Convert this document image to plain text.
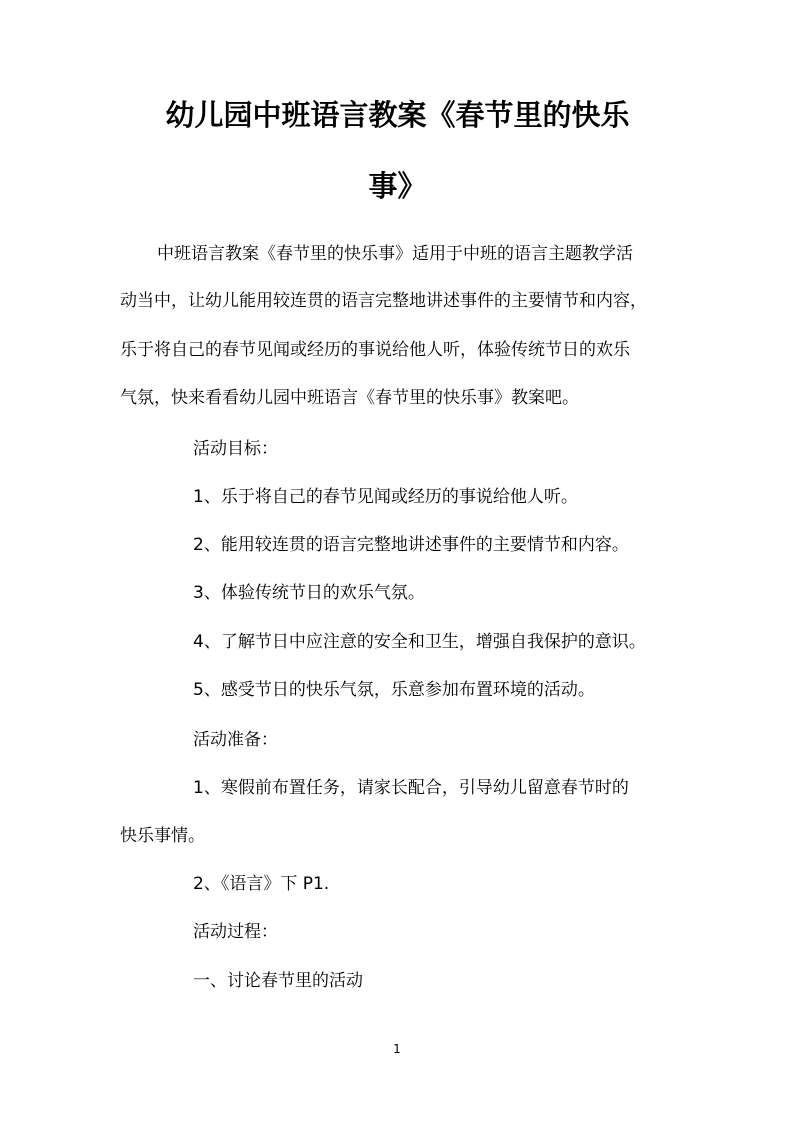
幼儿园中班语言教案《春节里的快乐
事》
中班语言教案《春节里的快乐事》适用于中班的语言主题教学活
动当中，让幼儿能用较连贯的语言完整地讲述事件的主要情节和内容，
乐于将自己的春节见闻或经历的事说给他人听，体验传统节日的欢乐
气氛，快来看看幼儿园中班语言《春节里的快乐事》教案吧。
活动目标：
1、乐于将自己的春节见闻或经历的事说给他人听。
2、能用较连贯的语言完整地讲述事件的主要情节和内容。
3、体验传统节日的欢乐气氛。
4、了解节日中应注意的安全和卫生，增强自我保护的意识。
5、感受节日的快乐气氛，乐意参加布置环境的活动。
活动准备：
1、寒假前布置任务，请家长配合，引导幼儿留意春节时的
快乐事情。
2、《语言》下 P1.
活动过程：
一、讨论春节里的活动
1
